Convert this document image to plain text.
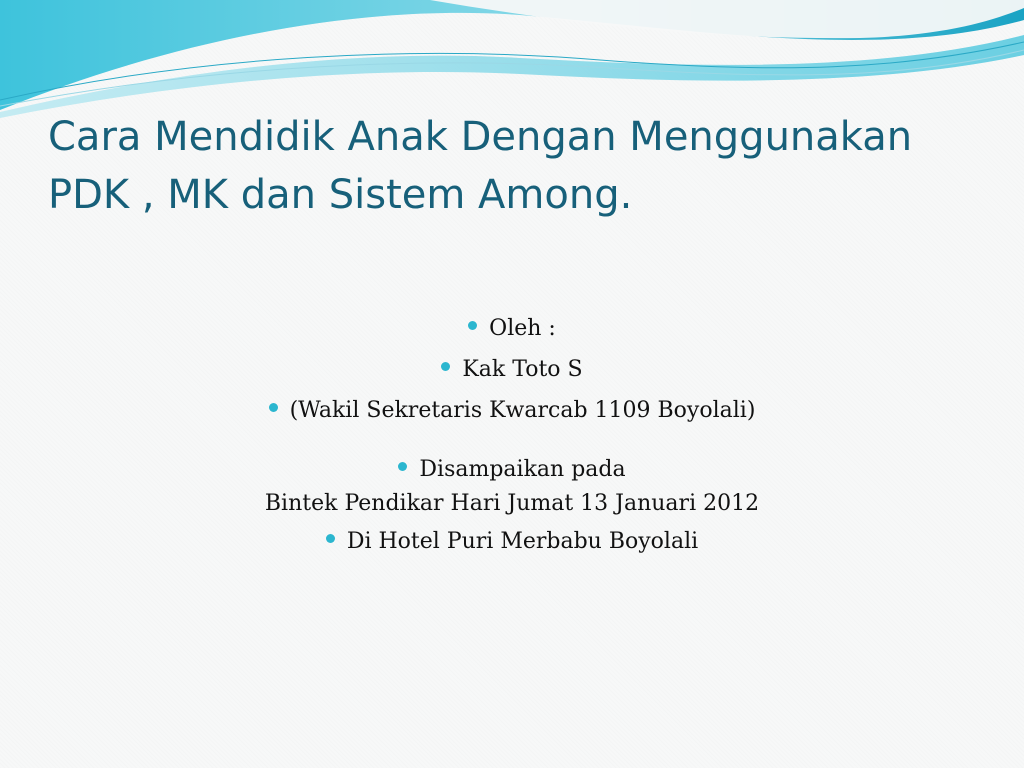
Cara Mendidik Anak Dengan Menggunakan
PDK , MK dan Sistem Among.
Oleh :
Kak Toto S
(Wakil Sekretaris Kwarcab 1109 Boyolali)
Disampaikan pada
Bintek Pendikar Hari Jumat 13 Januari 2012
Di Hotel Puri Merbabu Boyolali
